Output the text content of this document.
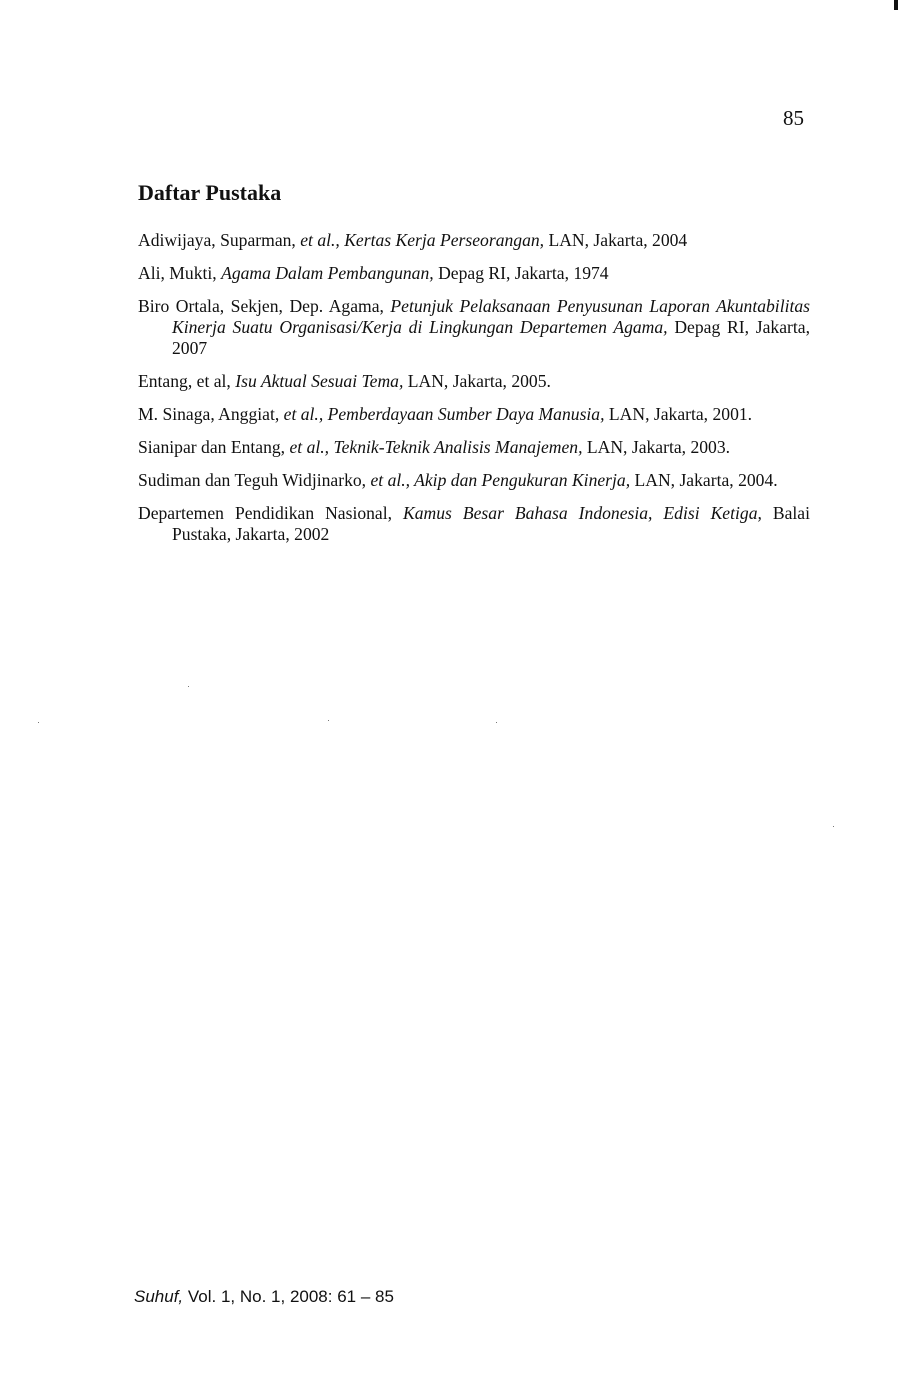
85
Daftar Pustaka
Adiwijaya, Suparman, et al., Kertas Kerja Perseorangan, LAN, Jakarta, 2004
Ali, Mukti, Agama Dalam Pembangunan, Depag RI, Jakarta, 1974
Biro Ortala, Sekjen, Dep. Agama, Petunjuk Pelaksanaan Penyusunan Laporan Akuntabilitas Kinerja Suatu Organisasi/Kerja di Lingkungan Departemen Agama, Depag RI, Jakarta, 2007
Entang, et al, Isu Aktual Sesuai Tema, LAN, Jakarta, 2005.
M. Sinaga, Anggiat, et al., Pemberdayaan Sumber Daya Manusia, LAN, Jakarta, 2001.
Sianipar dan Entang, et al., Teknik-Teknik Analisis Manajemen, LAN, Jakarta, 2003.
Sudiman dan Teguh Widjinarko, et al., Akip dan Pengukuran Kinerja, LAN, Jakarta, 2004.
Departemen Pendidikan Nasional, Kamus Besar Bahasa Indonesia, Edisi Ketiga, Balai Pustaka, Jakarta, 2002
Suhuf, Vol. 1, No. 1, 2008: 61 – 85
